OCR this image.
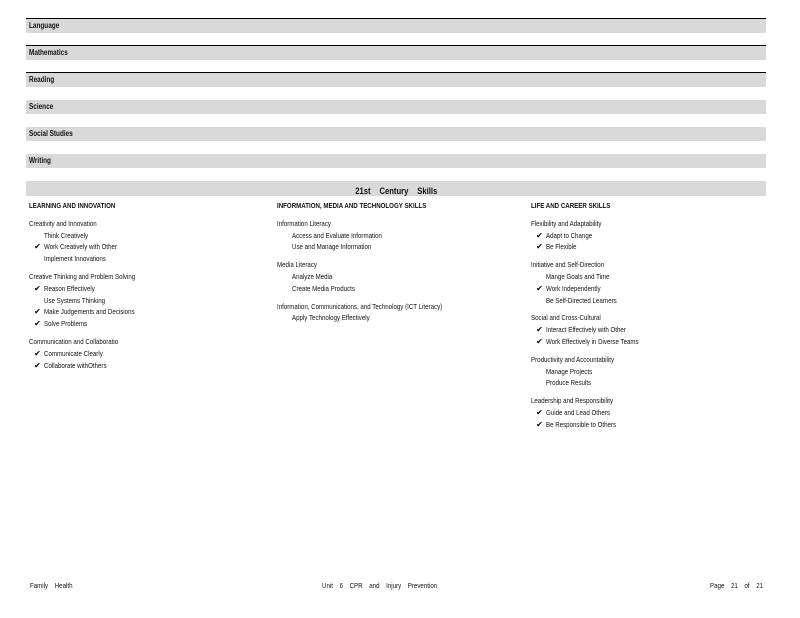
Language
Mathematics
Reading
Science
Social Studies
Writing
21st Century Skills
LEARNING AND INNOVATION
Creativity and Innovation
Think Creatively
✔ Work Creatively with Other
Implement Innovations
Creative Thinking and Problem Solving
✔ Reason Effectively
Use Systems Thinking
✔ Make Judgements and Decisions
✔ Solve Problems
Communication and Collaboratio
✔ Communicate Clearly
✔ Collaborate withOthers
INFORMATION, MEDIA AND TECHNOLOGY SKILLS
Information Literacy
Access and Evaluate Information
Use and Manage Information
Media Literacy
Analyze Media
Create Media Products
Information, Communications, and Technology (ICT Literacy)
Apply Technology Effectively
LIFE AND CAREER SKILLS
Flexibility and Adaptability
✔ Adapt to Change
✔ Be Flexible
Initiative and Self-Direction
Mange Goals and Time
✔ Work Independently
Be Self-Directed Learners
Social and Cross-Cultural
✔ Interact Effectively with Other
✔ Work Effectively in Diverse Teams
Productivity and Accountability
Manage Projects
Produce Results
Leadership and Responsibility
✔ Guide and Lead Others
✔ Be Responsible to Others
Family Health	Unit 6 CPR and Injury Prevention	Page 21 of 21
